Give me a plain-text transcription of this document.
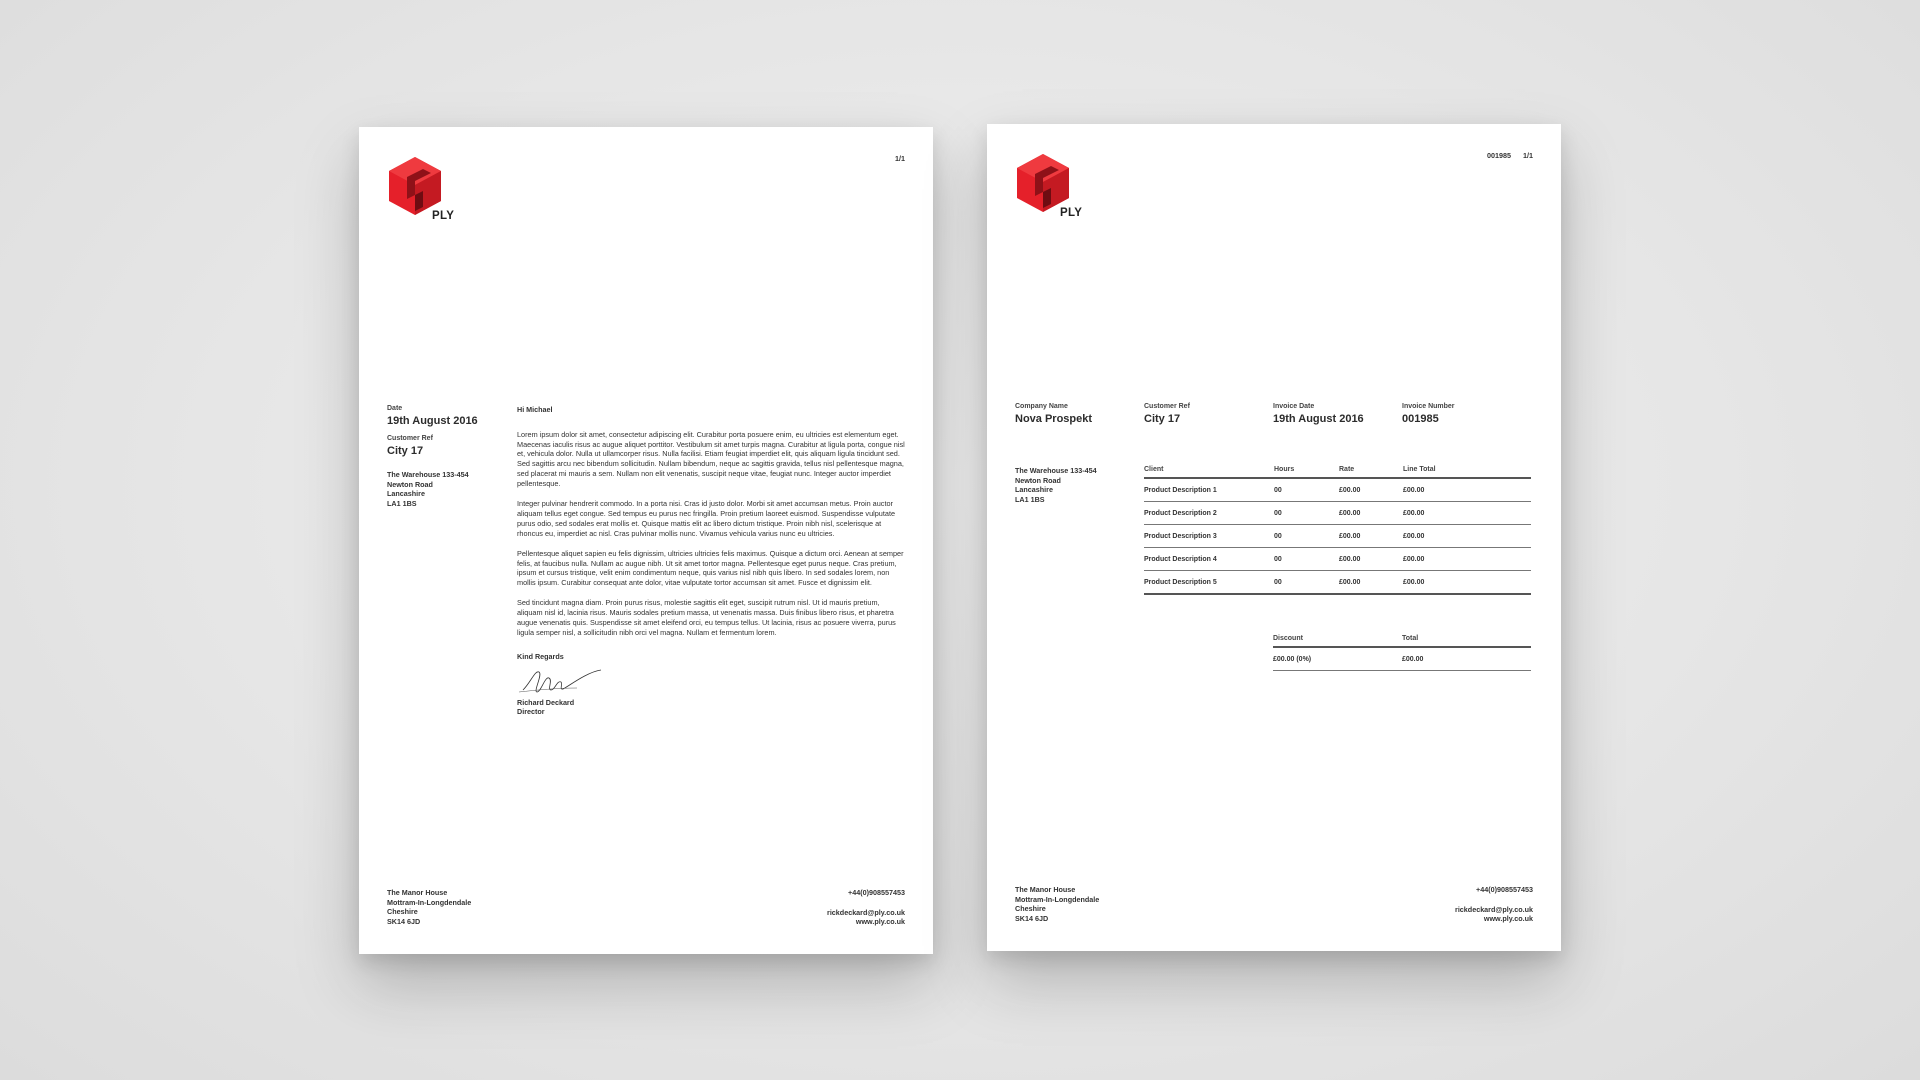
PLY
1/1
Date
19th August 2016
Customer Ref
City 17
The Warehouse 133-454
Newton Road
Lancashire
LA1 1BS
Hi Michael

Lorem ipsum dolor sit amet, consectetur adipiscing elit. Curabitur porta posuere enim, eu ultricies est elementum eget. Maecenas iaculis risus ac augue aliquet porttitor. Vestibulum sit amet turpis magna. Curabitur at ligula porta, congue nisl et, vehicula dolor. Nulla ut ullamcorper risus. Nulla facilisi. Etiam feugiat imperdiet elit, quis aliquam ligula tincidunt sed. Sed sagittis arcu nec bibendum sollicitudin. Nullam bibendum, neque ac sagittis gravida, tellus nisl pellentesque magna, sed placerat mi mauris a sem. Nullam non elit venenatis, suscipit neque vitae, feugiat nunc. Integer auctor imperdiet pellentesque.

Integer pulvinar hendrerit commodo. In a porta nisi. Cras id justo dolor. Morbi sit amet accumsan metus. Proin auctor aliquam tellus eget congue. Sed tempus eu purus nec fringilla. Proin pretium laoreet euismod. Suspendisse vulputate purus odio, sed sodales erat mollis et. Quisque mattis elit ac libero dictum tristique. Proin nibh nisl, scelerisque at rhoncus eu, imperdiet ac nisl. Cras pulvinar mollis nunc. Vivamus vehicula varius nunc eu ultricies.

Pellentesque aliquet sapien eu felis dignissim, ultricies ultricies felis maximus. Quisque a dictum orci. Aenean at semper felis, at faucibus nulla. Nullam ac augue nibh. Ut sit amet tortor magna. Pellentesque eget purus neque. Cras pretium, ipsum et cursus tristique, velit enim condimentum neque, quis varius nisl nibh quis libero. In sed sodales lorem, non mollis ipsum. Curabitur consequat ante dolor, vitae vulputate tortor accumsan sit amet. Fusce et dignissim elit.

Sed tincidunt magna diam. Proin purus risus, molestie sagittis elit eget, suscipit rutrum nisl. Ut id mauris pretium, aliquam nisl id, lacinia risus. Mauris sodales pretium massa, ut venenatis massa. Duis finibus libero risus, et pharetra augue venenatis quis. Suspendisse sit amet eleifend orci, eu tempus tellus. Ut lacinia, risus ac posuere viverra, purus ligula semper nisl, a sollicitudin nibh orci vel magna. Nullam et fermentum lorem.

Kind Regards
Richard Deckard
Director
The Manor House
Mottram-In-Longdendale
Cheshire
SK14 6JD
+44(0)908557453
rickdeckard@ply.co.uk
www.ply.co.uk
PLY
001985 1/1
Company Name
Nova Prospekt
Customer Ref
City 17
Invoice Date
19th August 2016
Invoice Number
001985
The Warehouse 133-454
Newton Road
Lancashire
LA1 1BS
Client	Hours	Rate	Line Total
Product Description 1	00	£00.00	£00.00
Product Description 2	00	£00.00	£00.00
Product Description 3	00	£00.00	£00.00
Product Description 4	00	£00.00	£00.00
Product Description 5	00	£00.00	£00.00
Discount	Total
£00.00 (0%)	£00.00
The Manor House
Mottram-In-Longdendale
Cheshire
SK14 6JD
+44(0)908557453
rickdeckard@ply.co.uk
www.ply.co.uk
